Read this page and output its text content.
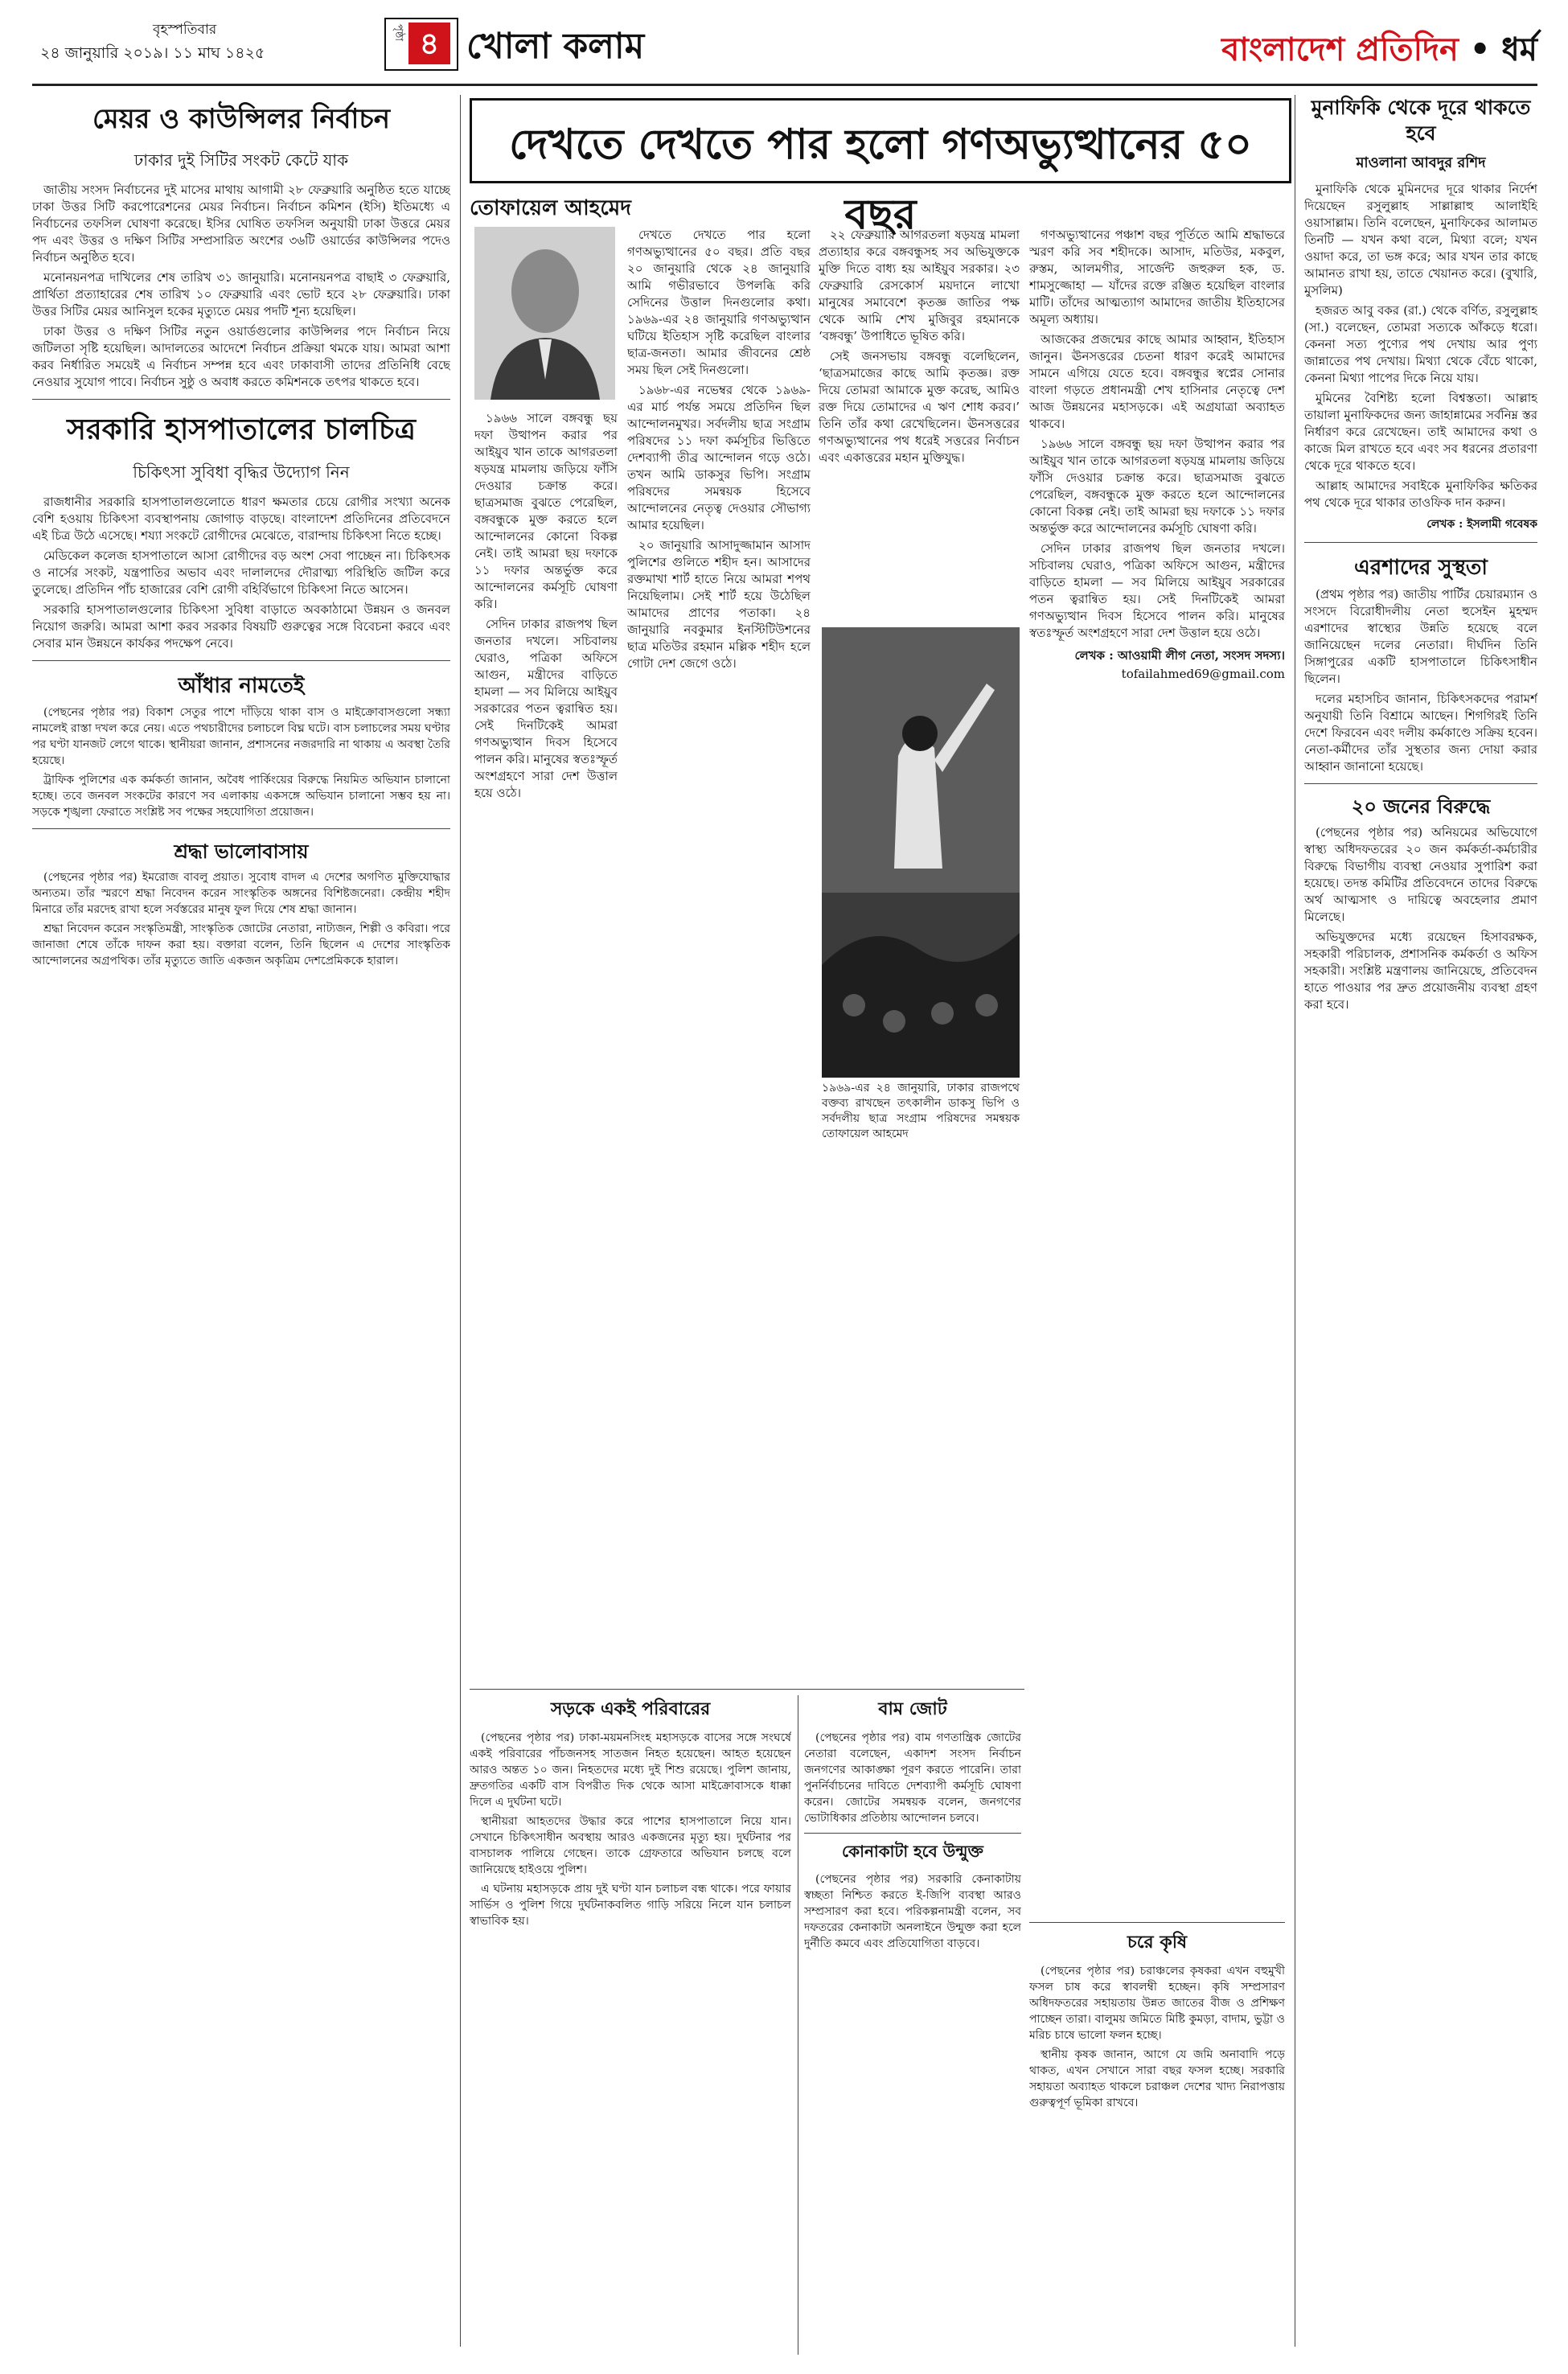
বৃহস্পতিবার
২৪ জানুয়ারি ২০১৯। ১১ মাঘ ১৪২৫
পৃষ্ঠা ৪ খোলা কলাম	বাংলাদেশ প্রতিদিন • ধর্ম
মেয়র ও কাউন্সিলর নির্বাচন
ঢাকার দুই সিটির সংকট কেটে যাক

জাতীয় সংসদ নির্বাচনের দুই মাসের মাথায় আগামী ২৮ ফেব্রুয়ারি অনুষ্ঠিত হতে যাচ্ছে ঢাকা উত্তর সিটি করপোরেশনের মেয়র নির্বাচন। নির্বাচন কমিশন (ইসি) ইতিমধ্যে এ নির্বাচনের তফসিল ঘোষণা করেছে। ইসির ঘোষিত তফসিল অনুযায়ী ঢাকা উত্তরে মেয়র পদ এবং উত্তর ও দক্ষিণ সিটির সম্প্রসারিত অংশের ৩৬টি ওয়ার্ডের কাউন্সিলর পদেও নির্বাচন অনুষ্ঠিত হবে।

মনোনয়নপত্র দাখিলের শেষ তারিখ ৩১ জানুয়ারি। মনোনয়নপত্র বাছাই ৩ ফেব্রুয়ারি, প্রার্থিতা প্রত্যাহারের শেষ তারিখ ১০ ফেব্রুয়ারি এবং ভোট হবে ২৮ ফেব্রুয়ারি। ঢাকা উত্তর সিটির মেয়র আনিসুল হকের মৃত্যুতে মেয়র পদটি শূন্য হয়েছিল।

ঢাকা উত্তর ও দক্ষিণ সিটির নতুন ওয়ার্ডগুলোর কাউন্সিলর পদে নির্বাচন নিয়ে জটিলতা সৃষ্টি হয়েছিল। আদালতের আদেশে নির্বাচন প্রক্রিয়া থমকে যায়। আমরা আশা করব নির্ধারিত সময়েই এ নির্বাচন সম্পন্ন হবে এবং ঢাকাবাসী তাদের প্রতিনিধি বেছে নেওয়ার সুযোগ পাবে। নির্বাচন সুষ্ঠু ও অবাধ করতে কমিশনকে তৎপর থাকতে হবে।

সরকারি হাসপাতালের চালচিত্র
চিকিৎসা সুবিধা বৃদ্ধির উদ্যোগ নিন

রাজধানীর সরকারি হাসপাতালগুলোতে ধারণ ক্ষমতার চেয়ে রোগীর সংখ্যা অনেক বেশি হওয়ায় চিকিৎসা ব্যবস্থাপনায় জোগাড় বাড়ছে। বাংলাদেশ প্রতিদিনের প্রতিবেদনে এই চিত্র উঠে এসেছে। শয্যা সংকটে রোগীদের মেঝেতে, বারান্দায় চিকিৎসা নিতে হচ্ছে।

মেডিকেল কলেজ হাসপাতালে আসা রোগীদের বড় অংশ সেবা পাচ্ছেন না। চিকিৎসক ও নার্সের সংকট, যন্ত্রপাতির অভাব এবং দালালদের দৌরাত্ম্য পরিস্থিতি জটিল করে তুলেছে। প্রতিদিন পাঁচ হাজারের বেশি রোগী বহির্বিভাগে চিকিৎসা নিতে আসেন।

সরকারি হাসপাতালগুলোর চিকিৎসা সুবিধা বাড়াতে অবকাঠামো উন্নয়ন ও জনবল নিয়োগ জরুরি। আমরা আশা করব সরকার বিষয়টি গুরুত্বের সঙ্গে বিবেচনা করবে এবং সেবার মান উন্নয়নে কার্যকর পদক্ষেপ নেবে।

আঁধার নামতেই

(পেছনের পৃষ্ঠার পর) বিকাশ সেতুর পাশে দাঁড়িয়ে থাকা বাস ও মাইক্রোবাসগুলো সন্ধ্যা নামলেই রাস্তা দখল করে নেয়। এতে পথচারীদের চলাচলে বিঘ্ন ঘটে। বাস চলাচলের সময় ঘণ্টার পর ঘণ্টা যানজট লেগে থাকে। স্থানীয়রা জানান, প্রশাসনের নজরদারি না থাকায় এ অবস্থা তৈরি হয়েছে।

ট্রাফিক পুলিশের এক কর্মকর্তা জানান, অবৈধ পার্কিংয়ের বিরুদ্ধে নিয়মিত অভিযান চালানো হচ্ছে। তবে জনবল সংকটের কারণে সব এলাকায় একসঙ্গে অভিযান চালানো সম্ভব হয় না। সড়কে শৃঙ্খলা ফেরাতে সংশ্লিষ্ট সব পক্ষের সহযোগিতা প্রয়োজন।

শ্রদ্ধা ভালোবাসায়

(পেছনের পৃষ্ঠার পর) ইমরোজ বাবলু প্রয়াত। সুবোধ বাদল এ দেশের অগণিত মুক্তিযোদ্ধার অন্যতম। তাঁর স্মরণে শ্রদ্ধা নিবেদন করেন সাংস্কৃতিক অঙ্গনের বিশিষ্টজনেরা। কেন্দ্রীয় শহীদ মিনারে তাঁর মরদেহ রাখা হলে সর্বস্তরের মানুষ ফুল দিয়ে শেষ শ্রদ্ধা জানান।

শ্রদ্ধা নিবেদন করেন সংস্কৃতিমন্ত্রী, সাংস্কৃতিক জোটের নেতারা, নাট্যজন, শিল্পী ও কবিরা। পরে জানাজা শেষে তাঁকে দাফন করা হয়। বক্তারা বলেন, তিনি ছিলেন এ দেশের সাংস্কৃতিক আন্দোলনের অগ্রপথিক। তাঁর মৃত্যুতে জাতি একজন অকৃত্রিম দেশপ্রেমিককে হারাল।

দেখতে দেখতে পার হলো গণঅভ্যুত্থানের ৫০ বছর
তোফায়েল আহমেদ

দেখতে দেখতে পার হলো গণঅভ্যুত্থানের ৫০ বছর। প্রতি বছর ২০ জানুয়ারি থেকে ২৪ জানুয়ারি আমি গভীরভাবে উপলব্ধি করি সেদিনের উত্তাল দিনগুলোর কথা। ১৯৬৯-এর ২৪ জানুয়ারি গণঅভ্যুত্থান ঘটিয়ে ইতিহাস সৃষ্টি করেছিল বাংলার ছাত্র-জনতা। আমার জীবনের শ্রেষ্ঠ সময় ছিল সেই দিনগুলো।

১৯৬৮-এর নভেম্বর থেকে ১৯৬৯-এর মার্চ পর্যন্ত সময়ে প্রতিদিন ছিল আন্দোলনমুখর। সর্বদলীয় ছাত্র সংগ্রাম পরিষদের ১১ দফা কর্মসূচির ভিত্তিতে দেশব্যাপী তীব্র আন্দোলন গড়ে ওঠে। তখন আমি ডাকসুর ভিপি। সংগ্রাম পরিষদের সমন্বয়ক হিসেবে আন্দোলনের নেতৃত্ব দেওয়ার সৌভাগ্য আমার হয়েছিল।

২০ জানুয়ারি আসাদুজ্জামান আসাদ পুলিশের গুলিতে শহীদ হন। আসাদের রক্তমাখা শার্ট হাতে নিয়ে আমরা শপথ নিয়েছিলাম। সেই শার্ট হয়ে উঠেছিল আমাদের প্রাণের পতাকা। ২৪ জানুয়ারি নবকুমার ইনস্টিটিউশনের ছাত্র মতিউর রহমান মল্লিক শহীদ হলে গোটা দেশ জেগে ওঠে।

১৯৬৬ সালে বঙ্গবন্ধু ছয় দফা উত্থাপন করার পর আইয়ুব খান তাকে আগরতলা ষড়যন্ত্র মামলায় জড়িয়ে ফাঁসি দেওয়ার চক্রান্ত করে। ছাত্রসমাজ বুঝতে পেরেছিল, বঙ্গবন্ধুকে মুক্ত করতে হলে আন্দোলনের কোনো বিকল্প নেই। তাই আমরা ছয় দফাকে ১১ দফার অন্তর্ভুক্ত করে আন্দোলনের কর্মসূচি ঘোষণা করি।

সেদিন ঢাকার রাজপথ ছিল জনতার দখলে। সচিবালয় ঘেরাও, পত্রিকা অফিসে আগুন, মন্ত্রীদের বাড়িতে হামলা — সব মিলিয়ে আইয়ুব সরকারের পতন ত্বরান্বিত হয়। সেই দিনটিকেই আমরা গণঅভ্যুত্থান দিবস হিসেবে পালন করি। মানুষের স্বতঃস্ফূর্ত অংশগ্রহণে সারা দেশ উত্তাল হয়ে ওঠে।

২২ ফেব্রুয়ারি আগরতলা ষড়যন্ত্র মামলা প্রত্যাহার করে বঙ্গবন্ধুসহ সব অভিযুক্তকে মুক্তি দিতে বাধ্য হয় আইয়ুব সরকার। ২৩ ফেব্রুয়ারি রেসকোর্স ময়দানে লাখো মানুষের সমাবেশে কৃতজ্ঞ জাতির পক্ষ থেকে আমি শেখ মুজিবুর রহমানকে ‘বঙ্গবন্ধু’ উপাধিতে ভূষিত করি।

সেই জনসভায় বঙ্গবন্ধু বলেছিলেন, ‘ছাত্রসমাজের কাছে আমি কৃতজ্ঞ। রক্ত দিয়ে তোমরা আমাকে মুক্ত করেছ, আমিও রক্ত দিয়ে তোমাদের এ ঋণ শোধ করব।’ তিনি তাঁর কথা রেখেছিলেন। ঊনসত্তরের গণঅভ্যুত্থানের পথ ধরেই সত্তরের নির্বাচন এবং একাত্তরের মহান মুক্তিযুদ্ধ।

গণঅভ্যুত্থানের পঞ্চাশ বছর পূর্তিতে আমি শ্রদ্ধাভরে স্মরণ করি সব শহীদকে। আসাদ, মতিউর, মকবুল, রুস্তম, আলমগীর, সার্জেন্ট জহুরুল হক, ড. শামসুজ্জোহা — যাঁদের রক্তে রঞ্জিত হয়েছিল বাংলার মাটি। তাঁদের আত্মত্যাগ আমাদের জাতীয় ইতিহাসের অমূল্য অধ্যায়।

আজকের প্রজন্মের কাছে আমার আহ্বান, ইতিহাস জানুন। ঊনসত্তরের চেতনা ধারণ করেই আমাদের সামনে এগিয়ে যেতে হবে। বঙ্গবন্ধুর স্বপ্নের সোনার বাংলা গড়তে প্রধানমন্ত্রী শেখ হাসিনার নেতৃত্বে দেশ আজ উন্নয়নের মহাসড়কে। এই অগ্রযাত্রা অব্যাহত থাকবে।

১৯৬৬ সালে বঙ্গবন্ধু ছয় দফা উত্থাপন করার পর আইয়ুব খান তাকে আগরতলা ষড়যন্ত্র মামলায় জড়িয়ে ফাঁসি দেওয়ার চক্রান্ত করে। ছাত্রসমাজ বুঝতে পেরেছিল, বঙ্গবন্ধুকে মুক্ত করতে হলে আন্দোলনের কোনো বিকল্প নেই। তাই আমরা ছয় দফাকে ১১ দফার অন্তর্ভুক্ত করে আন্দোলনের কর্মসূচি ঘোষণা করি।

সেদিন ঢাকার রাজপথ ছিল জনতার দখলে। সচিবালয় ঘেরাও, পত্রিকা অফিসে আগুন, মন্ত্রীদের বাড়িতে হামলা — সব মিলিয়ে আইয়ুব সরকারের পতন ত্বরান্বিত হয়। সেই দিনটিকেই আমরা গণঅভ্যুত্থান দিবস হিসেবে পালন করি। মানুষের স্বতঃস্ফূর্ত অংশগ্রহণে সারা দেশ উত্তাল হয়ে ওঠে।

লেখক : আওয়ামী লীগ নেতা, সংসদ সদস্য।
tofailahmed69@gmail.com
১৯৬৯-এর ২৪ জানুয়ারি, ঢাকার রাজপথে বক্তব্য রাখছেন তৎকালীন ডাকসু ভিপি ও সর্বদলীয় ছাত্র সংগ্রাম পরিষদের সমন্বয়ক তোফায়েল আহমেদ
মুনাফিকি থেকে দূরে থাকতে হবে
মাওলানা আবদুর রশিদ

মুনাফিকি থেকে মুমিনদের দূরে থাকার নির্দেশ দিয়েছেন রসুলুল্লাহ সাল্লাল্লাহু আলাইহি ওয়াসাল্লাম। তিনি বলেছেন, মুনাফিকের আলামত তিনটি — যখন কথা বলে, মিথ্যা বলে; যখন ওয়াদা করে, তা ভঙ্গ করে; আর যখন তার কাছে আমানত রাখা হয়, তাতে খেয়ানত করে। (বুখারি, মুসলিম)

হজরত আবু বকর (রা.) থেকে বর্ণিত, রসুলুল্লাহ (সা.) বলেছেন, তোমরা সত্যকে আঁকড়ে ধরো। কেননা সত্য পুণ্যের পথ দেখায় আর পুণ্য জান্নাতের পথ দেখায়। মিথ্যা থেকে বেঁচে থাকো, কেননা মিথ্যা পাপের দিকে নিয়ে যায়।

মুমিনের বৈশিষ্ট্য হলো বিশ্বস্ততা। আল্লাহ তায়ালা মুনাফিকদের জন্য জাহান্নামের সর্বনিম্ন স্তর নির্ধারণ করে রেখেছেন। তাই আমাদের কথা ও কাজে মিল রাখতে হবে এবং সব ধরনের প্রতারণা থেকে দূরে থাকতে হবে।

আল্লাহ আমাদের সবাইকে মুনাফিকির ক্ষতিকর পথ থেকে দূরে থাকার তাওফিক দান করুন।

লেখক : ইসলামী গবেষক
এরশাদের সুস্থতা

(প্রথম পৃষ্ঠার পর) জাতীয় পার্টির চেয়ারম্যান ও সংসদে বিরোধীদলীয় নেতা হুসেইন মুহম্মদ এরশাদের স্বাস্থ্যের উন্নতি হয়েছে বলে জানিয়েছেন দলের নেতারা। দীর্ঘদিন তিনি সিঙ্গাপুরের একটি হাসপাতালে চিকিৎসাধীন ছিলেন।

দলের মহাসচিব জানান, চিকিৎসকদের পরামর্শ অনুযায়ী তিনি বিশ্রামে আছেন। শিগগিরই তিনি দেশে ফিরবেন এবং দলীয় কর্মকাণ্ডে সক্রিয় হবেন। নেতা-কর্মীদের তাঁর সুস্থতার জন্য দোয়া করার আহ্বান জানানো হয়েছে।

২০ জনের বিরুদ্ধে

(পেছনের পৃষ্ঠার পর) অনিয়মের অভিযোগে স্বাস্থ্য অধিদফতরের ২০ জন কর্মকর্তা-কর্মচারীর বিরুদ্ধে বিভাগীয় ব্যবস্থা নেওয়ার সুপারিশ করা হয়েছে। তদন্ত কমিটির প্রতিবেদনে তাদের বিরুদ্ধে অর্থ আত্মসাৎ ও দায়িত্বে অবহেলার প্রমাণ মিলেছে।

অভিযুক্তদের মধ্যে রয়েছেন হিসাবরক্ষক, সহকারী পরিচালক, প্রশাসনিক কর্মকর্তা ও অফিস সহকারী। সংশ্লিষ্ট মন্ত্রণালয় জানিয়েছে, প্রতিবেদন হাতে পাওয়ার পর দ্রুত প্রয়োজনীয় ব্যবস্থা গ্রহণ করা হবে।

সড়কে একই পরিবারের

(পেছনের পৃষ্ঠার পর) ঢাকা-ময়মনসিংহ মহাসড়কে বাসের সঙ্গে সংঘর্ষে একই পরিবারের পাঁচজনসহ সাতজন নিহত হয়েছেন। আহত হয়েছেন আরও অন্তত ১০ জন। নিহতদের মধ্যে দুই শিশু রয়েছে। পুলিশ জানায়, দ্রুতগতির একটি বাস বিপরীত দিক থেকে আসা মাইক্রোবাসকে ধাক্কা দিলে এ দুর্ঘটনা ঘটে।

স্থানীয়রা আহতদের উদ্ধার করে পাশের হাসপাতালে নিয়ে যান। সেখানে চিকিৎসাধীন অবস্থায় আরও একজনের মৃত্যু হয়। দুর্ঘটনার পর বাসচালক পালিয়ে গেছেন। তাকে গ্রেফতারে অভিযান চলছে বলে জানিয়েছে হাইওয়ে পুলিশ।

এ ঘটনায় মহাসড়কে প্রায় দুই ঘণ্টা যান চলাচল বন্ধ থাকে। পরে ফায়ার সার্ভিস ও পুলিশ গিয়ে দুর্ঘটনাকবলিত গাড়ি সরিয়ে নিলে যান চলাচল স্বাভাবিক হয়।

বাম জোট

(পেছনের পৃষ্ঠার পর) বাম গণতান্ত্রিক জোটের নেতারা বলেছেন, একাদশ সংসদ নির্বাচন জনগণের আকাঙ্ক্ষা পূরণ করতে পারেনি। তারা পুনর্নির্বাচনের দাবিতে দেশব্যাপী কর্মসূচি ঘোষণা করেন। জোটের সমন্বয়ক বলেন, জনগণের ভোটাধিকার প্রতিষ্ঠায় আন্দোলন চলবে।

কোনাকাটা হবে উন্মুক্ত

(পেছনের পৃষ্ঠার পর) সরকারি কেনাকাটায় স্বচ্ছতা নিশ্চিত করতে ই-জিপি ব্যবস্থা আরও সম্প্রসারণ করা হবে। পরিকল্পনামন্ত্রী বলেন, সব দফতরের কেনাকাটা অনলাইনে উন্মুক্ত করা হলে দুর্নীতি কমবে এবং প্রতিযোগিতা বাড়বে।	চরে কৃষি

(পেছনের পৃষ্ঠার পর) চরাঞ্চলের কৃষকরা এখন বহুমুখী ফসল চাষ করে স্বাবলম্বী হচ্ছেন। কৃষি সম্প্রসারণ অধিদফতরের সহায়তায় উন্নত জাতের বীজ ও প্রশিক্ষণ পাচ্ছেন তারা। বালুময় জমিতে মিষ্টি কুমড়া, বাদাম, ভুট্টা ও মরিচ চাষে ভালো ফলন হচ্ছে।

স্থানীয় কৃষক জানান, আগে যে জমি অনাবাদি পড়ে থাকত, এখন সেখানে সারা বছর ফসল হচ্ছে। সরকারি সহায়তা অব্যাহত থাকলে চরাঞ্চল দেশের খাদ্য নিরাপত্তায় গুরুত্বপূর্ণ ভূমিকা রাখবে।
